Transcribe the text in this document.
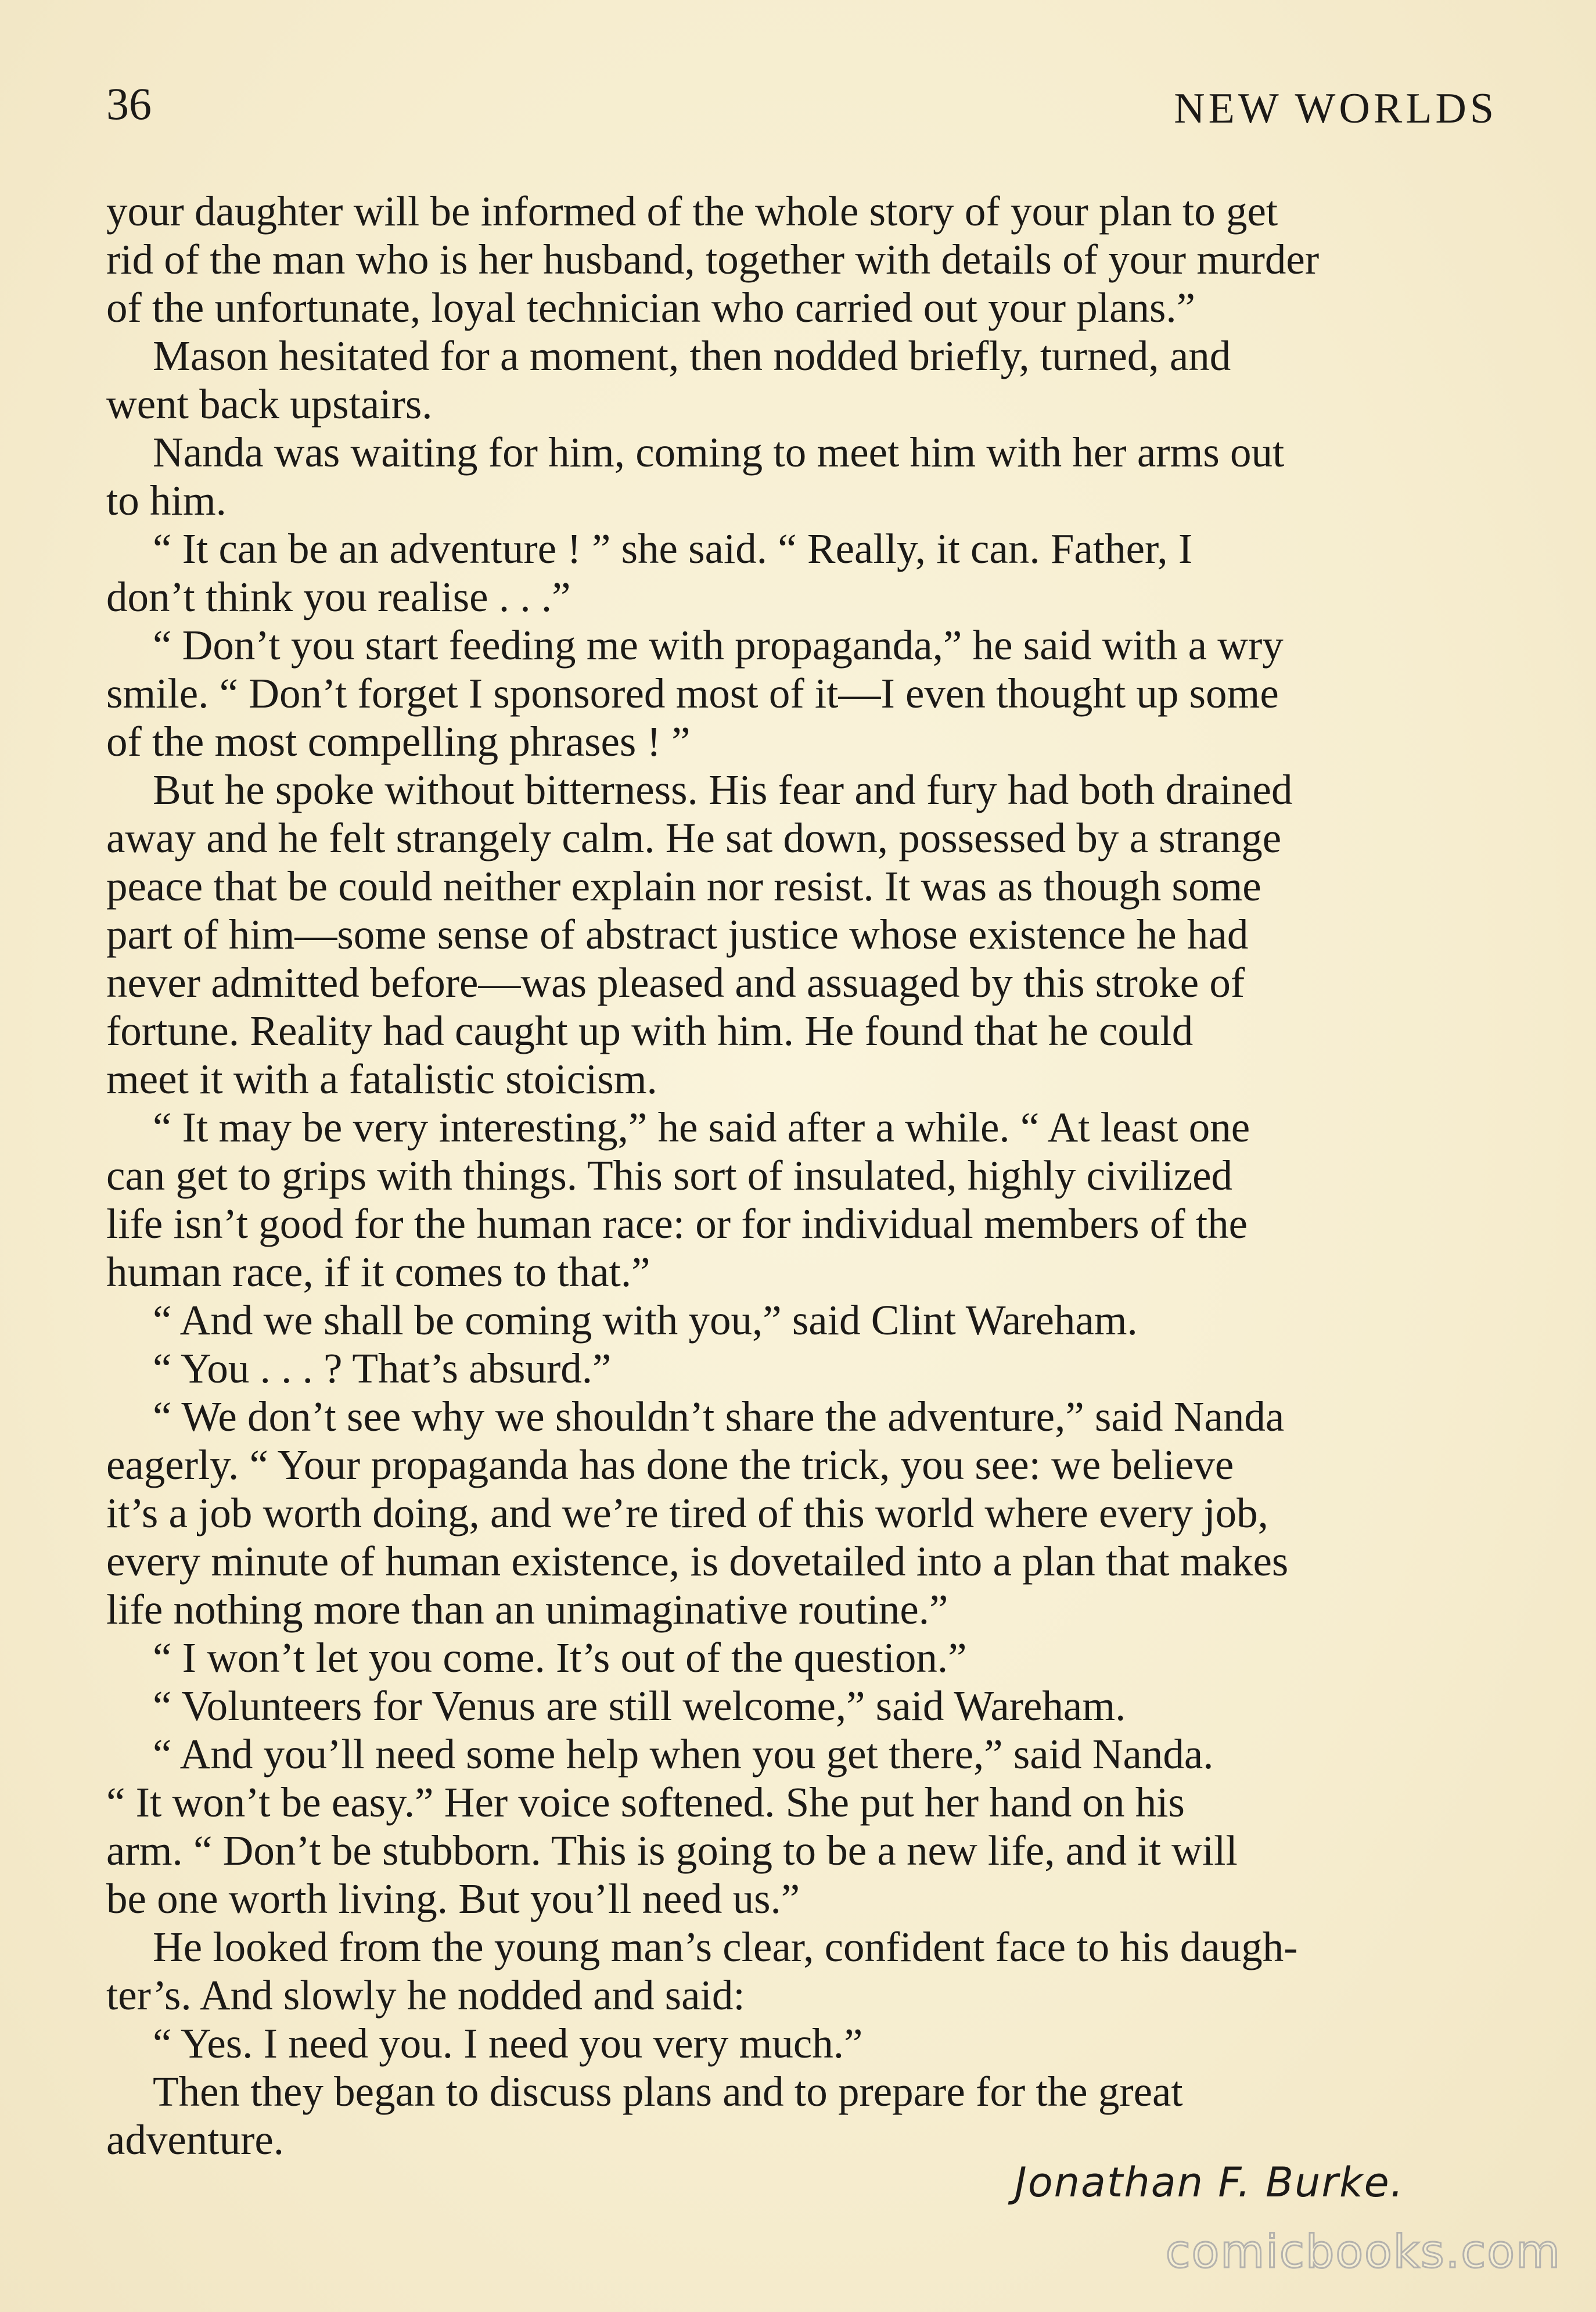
36	NEW WORLDS

your daughter will be informed of the whole story of your plan to get
rid of the man who is her husband, together with details of your murder
of the unfortunate, loyal technician who carried out your plans.”

Mason hesitated for a moment, then nodded briefly, turned, and
went back upstairs.

Nanda was waiting for him, coming to meet him with her arms out
to him.

“ It can be an adventure ! ” she said. “ Really, it can. Father, I
don’t think you realise . . .”

“ Don’t you start feeding me with propaganda,” he said with a wry
smile. “ Don’t forget I sponsored most of it—I even thought up some
of the most compelling phrases ! ”

But he spoke without bitterness. His fear and fury had both drained
away and he felt strangely calm. He sat down, possessed by a strange
peace that be could neither explain nor resist. It was as though some
part of him—some sense of abstract justice whose existence he had
never admitted before—was pleased and assuaged by this stroke of
fortune. Reality had caught up with him. He found that he could
meet it with a fatalistic stoicism.

“ It may be very interesting,” he said after a while. “ At least one
can get to grips with things. This sort of insulated, highly civilized
life isn’t good for the human race: or for individual members of the
human race, if it comes to that.”

“ And we shall be coming with you,” said Clint Wareham.

“ You . . . ? That’s absurd.”

“ We don’t see why we shouldn’t share the adventure,” said Nanda
eagerly. “ Your propaganda has done the trick, you see: we believe
it’s a job worth doing, and we’re tired of this world where every job,
every minute of human existence, is dovetailed into a plan that makes
life nothing more than an unimaginative routine.”

“ I won’t let you come. It’s out of the question.”

“ Volunteers for Venus are still welcome,” said Wareham.

“ And you’ll need some help when you get there,” said Nanda.
“ It won’t be easy.” Her voice softened. She put her hand on his
arm. “ Don’t be stubborn. This is going to be a new life, and it will
be one worth living. But you’ll need us.”

He looked from the young man’s clear, confident face to his daugh-
ter’s. And slowly he nodded and said:

“ Yes. I need you. I need you very much.”

Then they began to discuss plans and to prepare for the great
adventure.

Jonathan F. Burke.
comicbooks.com
